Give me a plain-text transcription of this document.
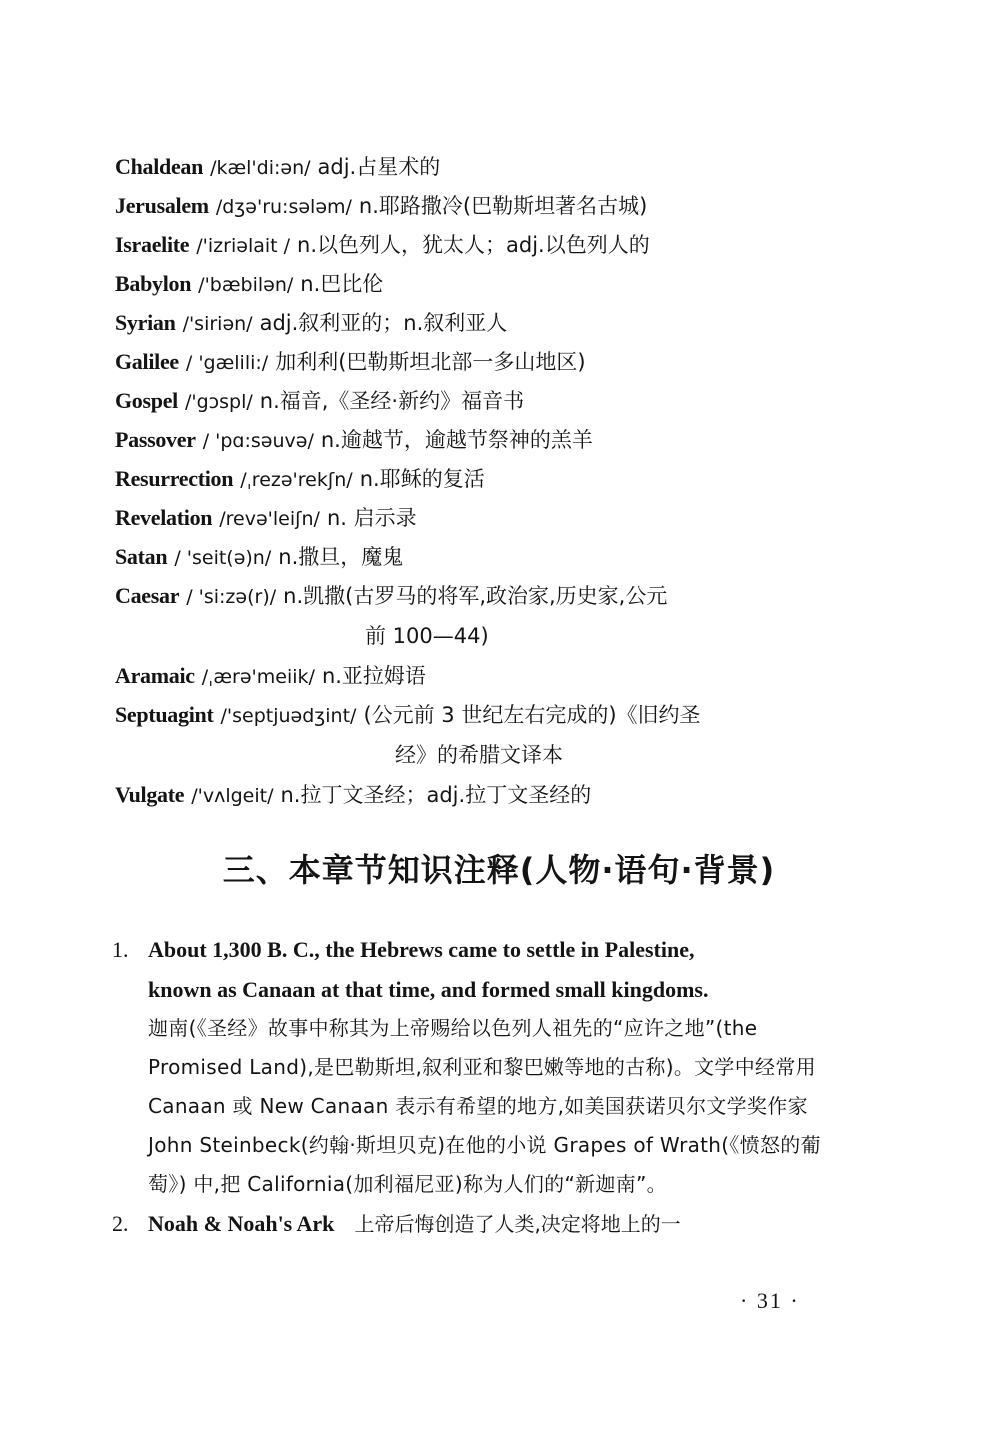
Chaldean /kæl'di:ən/ adj.占星术的
Jerusalem /dʒə'ru:sələm/ n.耶路撒冷(巴勒斯坦著名古城)
Israelite /'izriəlait / n.以色列人，犹太人；adj.以色列人的
Babylon /'bæbilən/ n.巴比伦
Syrian /'siriən/ adj.叙利亚的；n.叙利亚人
Galilee / 'gælili:/ 加利利(巴勒斯坦北部一多山地区)
Gospel /'gɔspl/ n.福音,《圣经·新约》福音书
Passover / 'pɑ:səuvə/ n.逾越节，逾越节祭神的羔羊
Resurrection /ˌrezə'rekʃn/ n.耶稣的复活
Revelation /revə'leiʃn/ n. 启示录
Satan / 'seit(ə)n/ n.撒旦，魔鬼
Caesar / 'si:zə(r)/ n.凯撒(古罗马的将军,政治家,历史家,公元
前 100—44)
Aramaic /ˌærə'meiik/ n.亚拉姆语
Septuagint /'septjuədʒint/ (公元前 3 世纪左右完成的)《旧约圣
经》的希腊文译本
Vulgate /'vʌlgeit/ n.拉丁文圣经；adj.拉丁文圣经的
三、本章节知识注释(人物·语句·背景)
1. About 1,300 B. C., the Hebrews came to settle in Palestine,
known as Canaan at that time, and formed small kingdoms.
迦南(《圣经》故事中称其为上帝赐给以色列人祖先的“应许之地”(the Promised Land),是巴勒斯坦,叙利亚和黎巴嫩等地的古称)。文学中经常用 Canaan 或 New Canaan 表示有希望的地方,如美国获诺贝尔文学奖作家 John Steinbeck(约翰·斯坦贝克)在他的小说 Grapes of Wrath(《愤怒的葡萄》) 中,把 California(加利福尼亚)称为人们的“新迦南”。
2. Noah & Noah's Ark 上帝后悔创造了人类,决定将地上的一
· 31 ·
